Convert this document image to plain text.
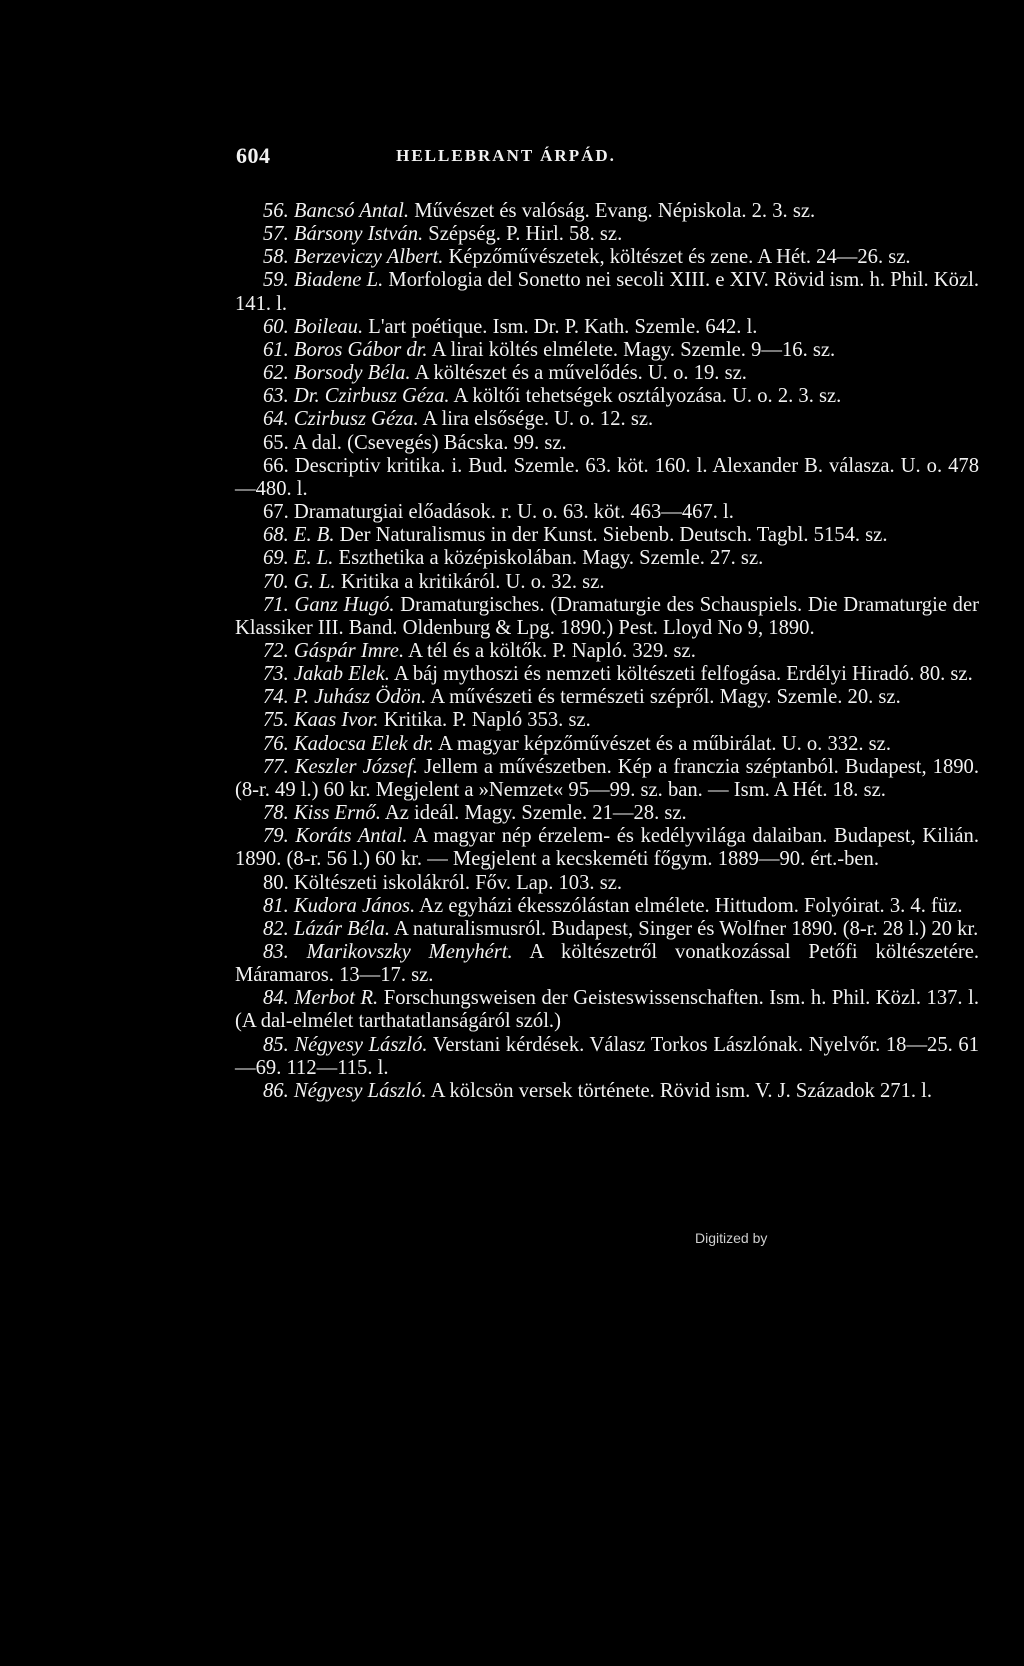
604	HELLEBRANT ÁRPÁD.

56. Bancsó Antal. Művészet és valóság. Evang. Népiskola. 2. 3. sz.

57. Bársony István. Szépség. P. Hirl. 58. sz.

58. Berzeviczy Albert. Képzőművészetek, költészet és zene. A Hét. 24—26. sz.

59. Biadene L. Morfologia del Sonetto nei secoli XIII. e XIV. Rövid ism. h. Phil. Közl. 141. l.

60. Boileau. L'art poétique. Ism. Dr. P. Kath. Szemle. 642. l.

61. Boros Gábor dr. A lirai költés elmélete. Magy. Szemle. 9—16. sz.

62. Borsody Béla. A költészet és a művelődés. U. o. 19. sz.

63. Dr. Czirbusz Géza. A költői tehetségek osztályozása. U. o. 2. 3. sz.

64. Czirbusz Géza. A lira elsősége. U. o. 12. sz.

65. A dal. (Csevegés) Bácska. 99. sz.

66. Descriptiv kritika. i. Bud. Szemle. 63. köt. 160. l. Alexander B. válasza. U. o. 478—480. l.

67. Dramaturgiai előadások. r. U. o. 63. köt. 463—467. l.

68. E. B. Der Naturalismus in der Kunst. Siebenb. Deutsch. Tagbl. 5154. sz.

69. E. L. Eszthetika a középiskolában. Magy. Szemle. 27. sz.

70. G. L. Kritika a kritikáról. U. o. 32. sz.

71. Ganz Hugó. Dramaturgisches. (Dramaturgie des Schauspiels. Die Dramaturgie der Klassiker III. Band. Oldenburg & Lpg. 1890.) Pest. Lloyd No 9, 1890.

72. Gáspár Imre. A tél és a költők. P. Napló. 329. sz.

73. Jakab Elek. A báj mythoszi és nemzeti költészeti felfogása. Erdélyi Hiradó. 80. sz.

74. P. Juhász Ödön. A művészeti és természeti szépről. Magy. Szemle. 20. sz.

75. Kaas Ivor. Kritika. P. Napló 353. sz.

76. Kadocsa Elek dr. A magyar képzőművészet és a műbirálat. U. o. 332. sz.

77. Keszler József. Jellem a művészetben. Kép a franczia széptanból. Budapest, 1890. (8-r. 49 l.) 60 kr. Megjelent a »Nemzet« 95—99. sz. ban. — Ism. A Hét. 18. sz.

78. Kiss Ernő. Az ideál. Magy. Szemle. 21—28. sz.

79. Koráts Antal. A magyar nép érzelem- és kedélyvilága dalaiban. Budapest, Kilián. 1890. (8-r. 56 l.) 60 kr. — Megjelent a kecskeméti főgym. 1889—90. ért.-ben.

80. Költészeti iskolákról. Főv. Lap. 103. sz.

81. Kudora János. Az egyházi ékesszólástan elmélete. Hittudom. Folyóirat. 3. 4. füz.

82. Lázár Béla. A naturalismusról. Budapest, Singer és Wolfner 1890. (8-r. 28 l.) 20 kr.

83. Marikovszky Menyhért. A költészetről vonatkozással Petőfi költészetére. Máramaros. 13—17. sz.

84. Merbot R. Forschungsweisen der Geisteswissenschaften. Ism. h. Phil. Közl. 137. l. (A dal-elmélet tarthatatlanságáról szól.)

85. Négyesy László. Verstani kérdések. Válasz Torkos Lászlónak. Nyelvőr. 18—25. 61—69. 112—115. l.

86. Négyesy László. A kölcsön versek története. Rövid ism. V. J. Századok 271. l.

Digitized by
